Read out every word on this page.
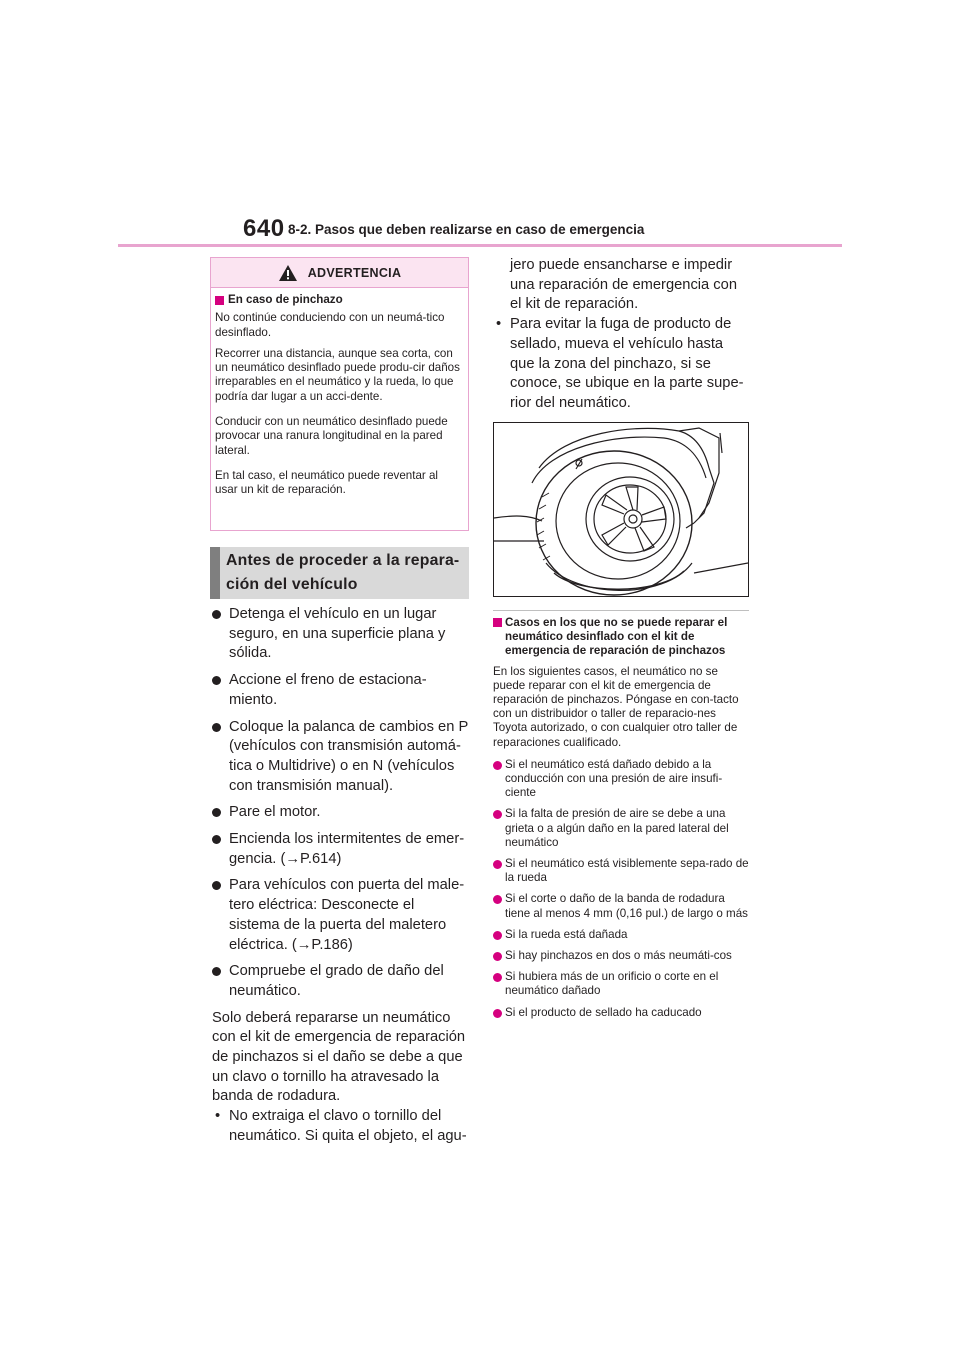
640 8-2. Pasos que deben realizarse en caso de emergencia
ADVERTENCIA

En caso de pinchazo

No continúe conduciendo con un neumá-tico desinflado.

Recorrer una distancia, aunque sea corta, con un neumático desinflado puede produ-cir daños irreparables en el neumático y la rueda, lo que podría dar lugar a un acci-dente.

Conducir con un neumático desinflado puede provocar una ranura longitudinal en la pared lateral.

En tal caso, el neumático puede reventar al usar un kit de reparación.

Antes de proceder a la repara-ción del vehículo
Detenga el vehículo en un lugar seguro, en una superficie plana y sólida.
Accione el freno de estaciona-miento.
Coloque la palanca de cambios en P (vehículos con transmisión automá-tica o Multidrive) o en N (vehículos con transmisión manual).
Pare el motor.
Encienda los intermitentes de emer-gencia. (→P.614)
Para vehículos con puerta del male-tero eléctrica: Desconecte el sistema de la puerta del maletero eléctrica. (→P.186)
Compruebe el grado de daño del neumático.

Solo deberá repararse un neumático con el kit de emergencia de reparación de pinchazos si el daño se debe a que un clavo o tornillo ha atravesado la banda de rodadura.

• No extraiga el clavo o tornillo del neumático. Si quita el objeto, el agu-
jero puede ensancharse e impedir una reparación de emergencia con el kit de reparación.
• Para evitar la fuga de producto de sellado, mueva el vehículo hasta que la zona del pinchazo, si se conoce, se ubique en la parte supe-rior del neumático.
Casos en los que no se puede reparar el neumático desinflado con el kit de emergencia de reparación de pinchazos

En los siguientes casos, el neumático no se puede reparar con el kit de emergencia de reparación de pinchazos. Póngase en con-tacto con un distribuidor o taller de reparacio-nes Toyota autorizado, o con cualquier otro taller de reparaciones cualificado.

Si el neumático está dañado debido a la conducción con una presión de aire insufi-ciente
Si la falta de presión de aire se debe a una grieta o a algún daño en la pared lateral del neumático
Si el neumático está visiblemente sepa-rado de la rueda
Si el corte o daño de la banda de rodadura tiene al menos 4 mm (0,16 pul.) de largo o más
Si la rueda está dañada
Si hay pinchazos en dos o más neumáti-cos
Si hubiera más de un orificio o corte en el neumático dañado
Si el producto de sellado ha caducado
